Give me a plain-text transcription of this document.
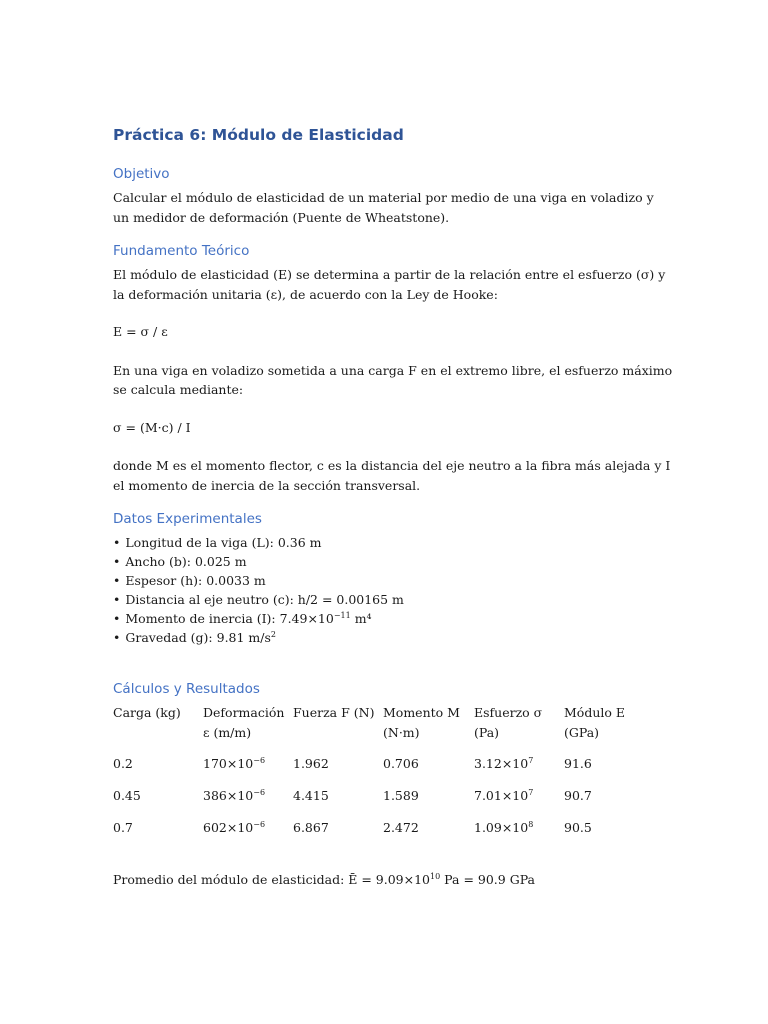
Práctica 6: Módulo de Elasticidad
Objetivo

Calcular el módulo de elasticidad de un material por medio de una viga en voladizo y un medidor de deformación (Puente de Wheatstone).

Fundamento Teórico

El módulo de elasticidad (E) se determina a partir de la relación entre el esfuerzo (σ) y la deformación unitaria (ε), de acuerdo con la Ley de Hooke:

E = σ / ε

En una viga en voladizo sometida a una carga F en el extremo libre, el esfuerzo máximo se calcula mediante:

σ = (M·c) / I

donde M es el momento flector, c es la distancia del eje neutro a la fibra más alejada y I el momento de inercia de la sección transversal.

Datos Experimentales
• Longitud de la viga (L): 0.36 m
• Ancho (b): 0.025 m
• Espesor (h): 0.0033 m
• Distancia al eje neutro (c): h/2 = 0.00165 m
• Momento de inercia (I): $7.49\times 10^{-11}$ m⁴
• Gravedad (g): 9.81 $m/s^2$
Cálculos y Resultados
Carga (kg)	Deformación ε (m/m)	Fuerza F (N)	Momento M (N·m)	Esfuerzo σ (Pa)	Módulo E (GPa)
0.2	$170\times 10^{-6}$	1.962	0.706	$3.12\times 10^7$	91.6
0.45	$386\times 10^{-6}$	4.415	1.589	$7.01\times 10^7$	90.7
0.7	$602\times 10^{-6}$	6.867	2.472	$1.09\times 10^8$	90.5
Promedio del módulo de elasticidad: Ē = $9.09\times 10^{10}$ Pa = 90.9 GPa
